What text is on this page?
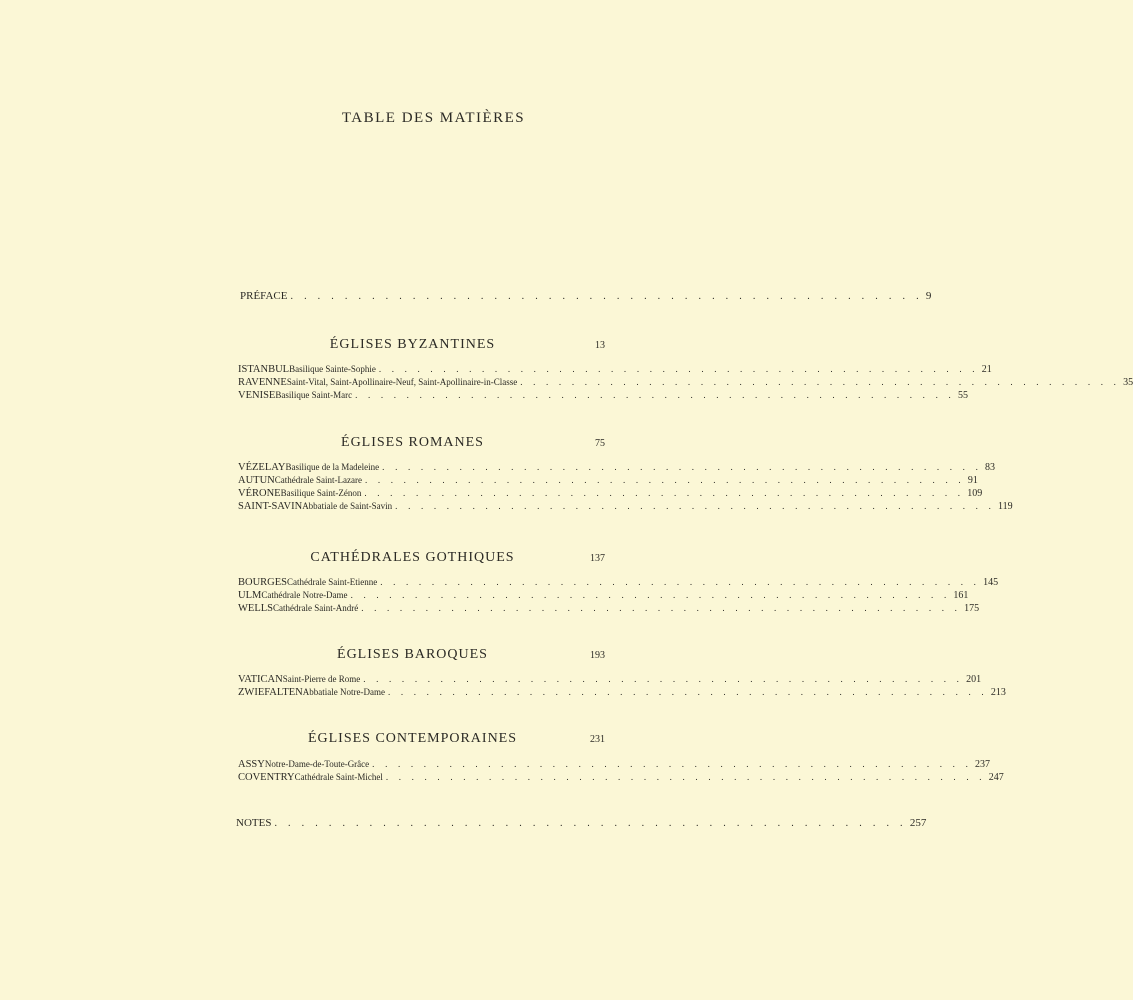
TABLE DES MATIÈRES
PRÉFACE . . . . . . . . . . . . . . . . . . . . . . . . . . . . . . . . . . . . . . . . . . . . . . . 9
ÉGLISES BYZANTINES	13
ISTANBUL Basilique Sainte-Sophie . . . . . . . . . . . . . . . . . . . . . . . . . . . . . . . . . . . . . . . . . . . . . . . 21
RAVENNE Saint-Vital, Saint-Apollinaire-Neuf, Saint-Apollinaire-in-Classe . . . . . . . . . . . . . . . . . . . . . . . . . . . . . . . . . . . . . . . . . . . . . . . 35
VENISE Basilique Saint-Marc . . . . . . . . . . . . . . . . . . . . . . . . . . . . . . . . . . . . . . . . . . . . . . . 55
ÉGLISES ROMANES	75
VÉZELAY Basilique de la Madeleine . . . . . . . . . . . . . . . . . . . . . . . . . . . . . . . . . . . . . . . . . . . . . . . 83
AUTUN Cathédrale Saint-Lazare . . . . . . . . . . . . . . . . . . . . . . . . . . . . . . . . . . . . . . . . . . . . . . . 91
VÉRONE Basilique Saint-Zénon . . . . . . . . . . . . . . . . . . . . . . . . . . . . . . . . . . . . . . . . . . . . . . . 109
SAINT-SAVIN Abbatiale de Saint-Savin . . . . . . . . . . . . . . . . . . . . . . . . . . . . . . . . . . . . . . . . . . . . . . . 119
CATHÉDRALES GOTHIQUES	137
BOURGES Cathédrale Saint-Etienne . . . . . . . . . . . . . . . . . . . . . . . . . . . . . . . . . . . . . . . . . . . . . . . 145
ULM Cathédrale Notre-Dame . . . . . . . . . . . . . . . . . . . . . . . . . . . . . . . . . . . . . . . . . . . . . . . 161
WELLS Cathédrale Saint-André . . . . . . . . . . . . . . . . . . . . . . . . . . . . . . . . . . . . . . . . . . . . . . . 175
ÉGLISES BAROQUES	193
VATICAN Saint-Pierre de Rome . . . . . . . . . . . . . . . . . . . . . . . . . . . . . . . . . . . . . . . . . . . . . . . 201
ZWIEFALTEN Abbatiale Notre-Dame . . . . . . . . . . . . . . . . . . . . . . . . . . . . . . . . . . . . . . . . . . . . . . . 213
ÉGLISES CONTEMPORAINES	231
ASSY Notre-Dame-de-Toute-Grâce . . . . . . . . . . . . . . . . . . . . . . . . . . . . . . . . . . . . . . . . . . . . . . . 237
COVENTRY Cathédrale Saint-Michel . . . . . . . . . . . . . . . . . . . . . . . . . . . . . . . . . . . . . . . . . . . . . . . 247
NOTES . . . . . . . . . . . . . . . . . . . . . . . . . . . . . . . . . . . . . . . . . . . . . . . 257
